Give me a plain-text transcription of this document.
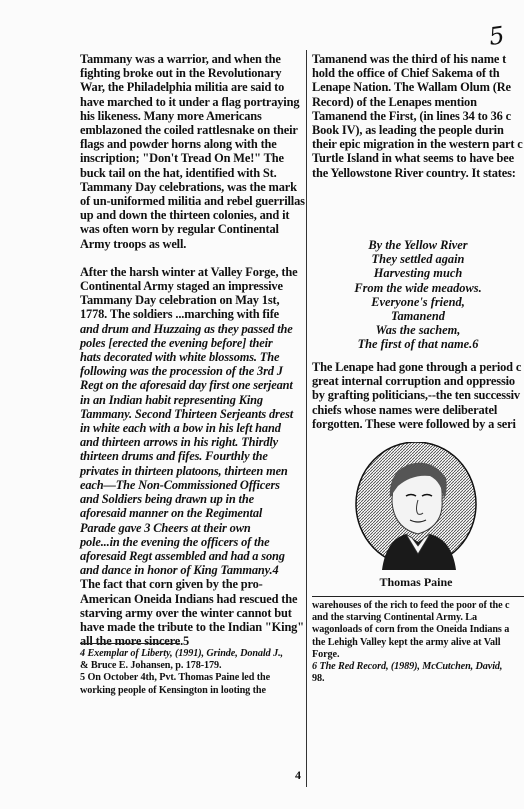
5

Tammany was a warrior, and when the
fighting broke out in the Revolutionary
War, the Philadelphia militia are said to
have marched to it under a flag portraying
his likeness. Many more Americans
emblazoned the coiled rattlesnake on their
flags and powder horns along with the
inscription; "Don't Tread On Me!" The
buck tail on the hat, identified with St.
Tammany Day celebrations, was the mark
of un-uniformed militia and rebel guerrillas
up and down the thirteen colonies, and it
was often worn by regular Continental
Army troops as well.

After the harsh winter at Valley Forge, the
Continental Army staged an impressive
Tammany Day celebration on May 1st,
1778. The soldiers ...marching with fife
and drum and Huzzaing as they passed the
poles [erected the evening before] their
hats decorated with white blossoms. The
following was the procession of the 3rd J
Regt on the aforesaid day first one serjeant
in an Indian habit representing King
Tammany. Second Thirteen Serjeants drest
in white each with a bow in his left hand
and thirteen arrows in his right. Thirdly
thirteen drums and fifes. Fourthly the
privates in thirteen platoons, thirteen men
each—The Non-Commissioned Officers
and Soldiers being drawn up in the
aforesaid manner on the Regimental
Parade gave 3 Cheers at their own
pole...in the evening the officers of the
aforesaid Regt assembled and had a song
and dance in honor of King Tammany.4
The fact that corn given by the pro-
American Oneida Indians had rescued the
starving army over the winter cannot but
have made the tribute to the Indian "King"
all the more sincere.5

Tamanend was the third of his name t
hold the office of Chief Sakema of th
Lenape Nation. The Wallam Olum (Re
Record) of the Lenapes mention
Tamanend the First, (in lines 34 to 36 c
Book IV), as leading the people durin
their epic migration in the western part c
Turtle Island in what seems to have bee
the Yellowstone River country. It states:

By the Yellow River
They settled again
Harvesting much
From the wide meadows.
Everyone's friend,
Tamanend
Was the sachem,
The first of that name.6

The Lenape had gone through a period c
great internal corruption and oppressio
by grafting politicians,--the ten successiv
chiefs whose names were deliberatel
forgotten. These were followed by a seri

Thomas Paine

warehouses of the rich to feed the poor of the c
and the starving Continental Army. La
wagonloads of corn from the Oneida Indians a
the Lehigh Valley kept the army alive at Vall
Forge.
6 The Red Record, (1989), McCutchen, David,
98.

4 Exemplar of Liberty, (1991), Grinde, Donald J.,
& Bruce E. Johansen, p. 178-179.
5 On October 4th, Pvt. Thomas Paine led the
working people of Kensington in looting the

4
